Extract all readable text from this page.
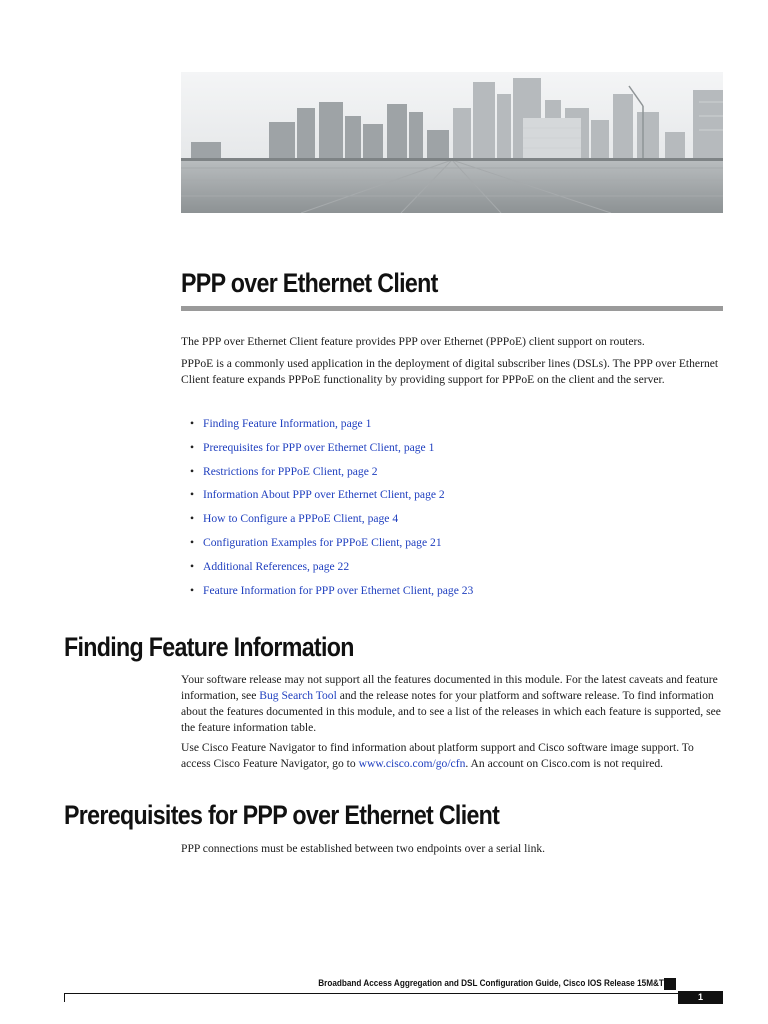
PPP over Ethernet Client

The PPP over Ethernet Client feature provides PPP over Ethernet (PPPoE) client support on routers.

PPPoE is a commonly used application in the deployment of digital subscriber lines (DSLs). The PPP over Ethernet Client feature expands PPPoE functionality by providing support for PPPoE on the client and the server.

• Finding Feature Information, page 1
• Prerequisites for PPP over Ethernet Client, page 1
• Restrictions for PPPoE Client, page 2
• Information About PPP over Ethernet Client, page 2
• How to Configure a PPPoE Client, page 4
• Configuration Examples for PPPoE Client, page 21
• Additional References, page 22
• Feature Information for PPP over Ethernet Client, page 23
Finding Feature Information

Your software release may not support all the features documented in this module. For the latest caveats and feature information, see Bug Search Tool and the release notes for your platform and software release. To find information about the features documented in this module, and to see a list of the releases in which each feature is supported, see the feature information table.

Use Cisco Feature Navigator to find information about platform support and Cisco software image support. To access Cisco Feature Navigator, go to www.cisco.com/go/cfn. An account on Cisco.com is not required.

Prerequisites for PPP over Ethernet Client

PPP connections must be established between two endpoints over a serial link.

Broadband Access Aggregation and DSL Configuration Guide, Cisco IOS Release 15M&T
1
